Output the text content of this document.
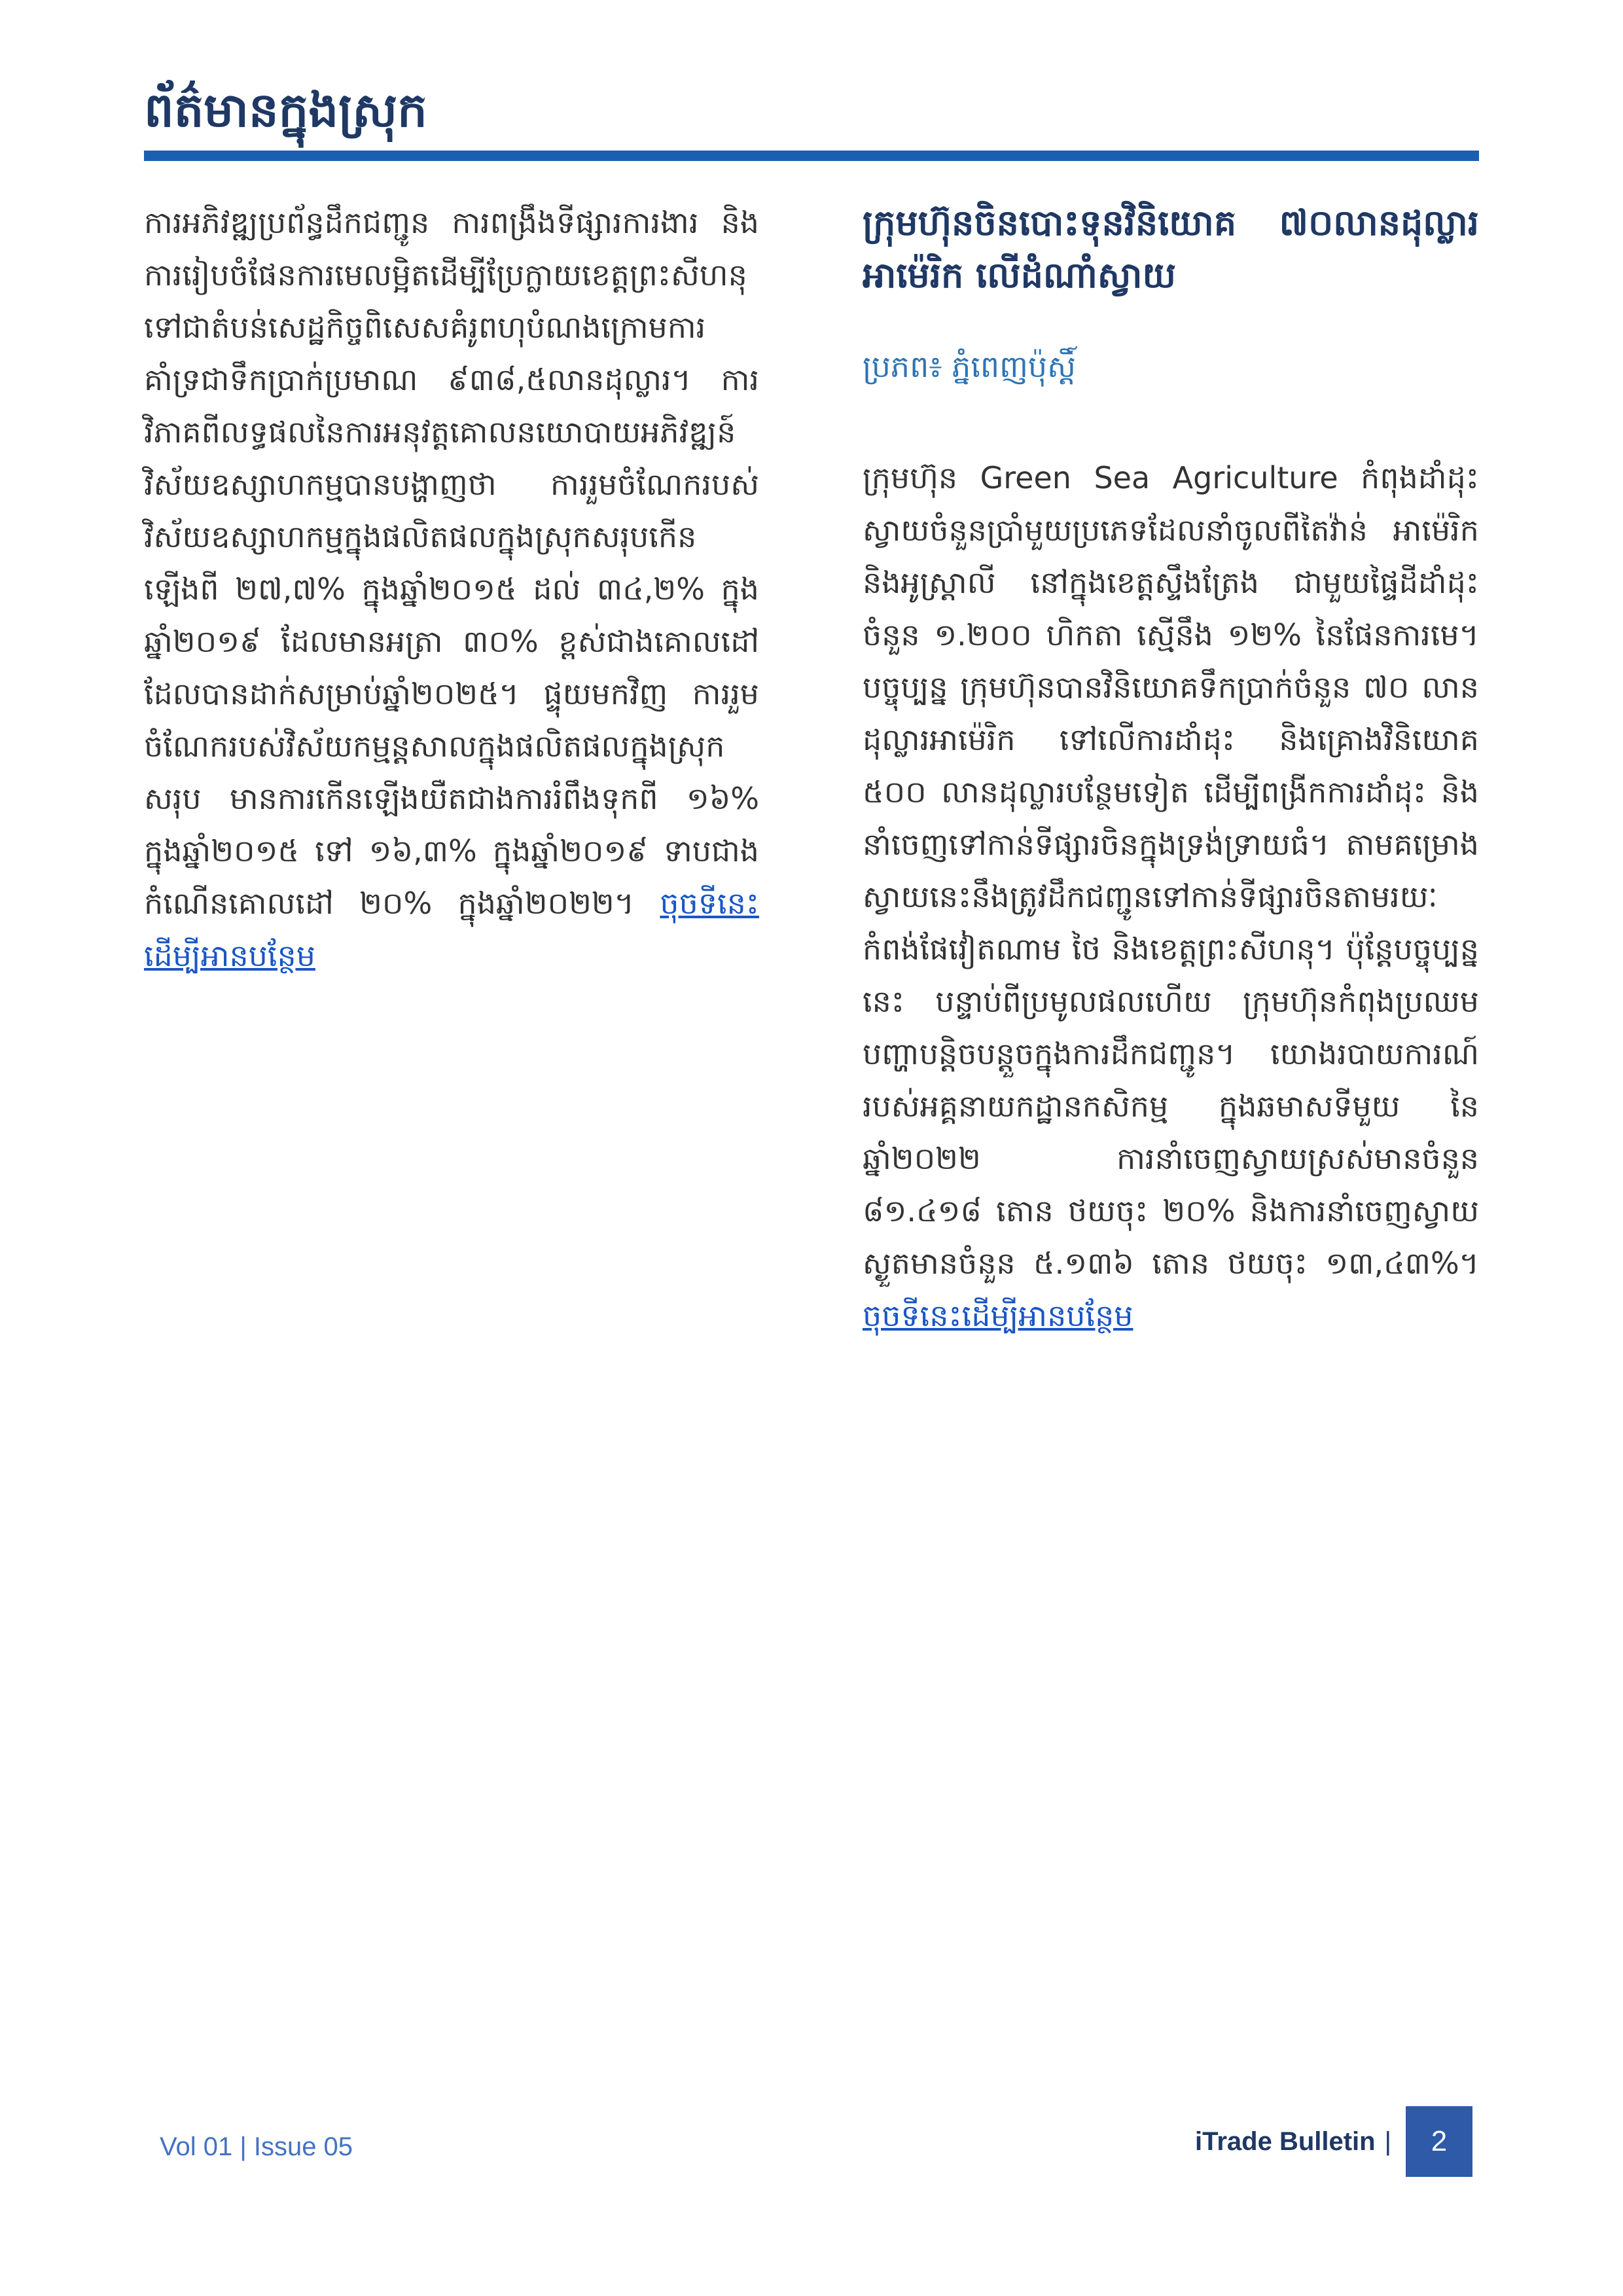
ព័ត៌មានក្នុងស្រុក

ការអភិវឌ្ឍប្រព័ន្ធដឹកជញ្ជូន ការពង្រឹងទីផ្សារការងារ និងការរៀបចំផែនការមេលម្អិតដើម្បីប្រែក្លាយខេត្តព្រះសីហនុទៅជាតំបន់សេដ្ឋកិច្ចពិសេសគំរូពហុបំណងក្រោមការគាំទ្រជាទឹកប្រាក់ប្រមាណ ៩៣៨,៥លានដុល្លារ។ ការវិភាគពីលទ្ធផលនៃការអនុវត្តគោលនយោបាយអភិវឌ្ឍន៍វិស័យឧស្សាហកម្មបានបង្ហាញថា ការរួមចំណែករបស់វិស័យឧស្សាហកម្មក្នុងផលិតផលក្នុងស្រុកសរុបកើនឡើងពី ២៧,៧% ក្នុងឆ្នាំ២០១៥ ដល់ ៣៤,២% ក្នុងឆ្នាំ២០១៩ ដែលមានអត្រា ៣០% ខ្ពស់ជាងគោលដៅដែលបានដាក់សម្រាប់ឆ្នាំ២០២៥។ ផ្ទុយមកវិញ ការរួមចំណែករបស់វិស័យកម្មន្តសាលក្នុងផលិតផលក្នុងស្រុកសរុប មានការកើនឡើងយឺតជាងការរំពឹងទុកពី ១៦% ក្នុងឆ្នាំ២០១៥ ទៅ ១៦,៣% ក្នុងឆ្នាំ២០១៩ ទាបជាងកំណើនគោលដៅ ២០% ក្នុងឆ្នាំ២០២២។ ចុចទីនេះដើម្បីអានបន្ថែម

ក្រុមហ៊ុនចិនបោះទុនវិនិយោគ ៧០លានដុល្លារអាម៉េរិក លើដំណាំស្វាយ

ប្រភព៖ ភ្នំពេញប៉ុស្តិ៍

ក្រុមហ៊ុន Green Sea Agriculture កំពុងដាំដុះស្វាយចំនួនប្រាំមួយប្រភេទដែលនាំចូលពីតៃវ៉ាន់ អាម៉េរិក និងអូស្ត្រាលី នៅក្នុងខេត្តស្ទឹងត្រែង ជាមួយផ្ទៃដីដាំដុះចំនួន ១.២០០ ហិកតា ស្មើនឹង ១២% នៃផែនការមេ។ បច្ចុប្បន្ន ក្រុមហ៊ុនបានវិនិយោគទឹកប្រាក់ចំនួន ៧០ លានដុល្លារអាម៉េរិក ទៅលើការដាំដុះ និងគ្រោងវិនិយោគ ៥០០ លានដុល្លារបន្ថែមទៀត ដើម្បីពង្រីកការដាំដុះ និងនាំចេញទៅកាន់ទីផ្សារចិនក្នុងទ្រង់ទ្រាយធំ។ តាមគម្រោង ស្វាយនេះនឹងត្រូវដឹកជញ្ជូនទៅកាន់ទីផ្សារចិនតាមរយៈកំពង់ផែវៀតណាម ថៃ និងខេត្តព្រះសីហនុ។ ប៉ុន្តែបច្ចុប្បន្ននេះ បន្ទាប់ពីប្រមូលផលហើយ ក្រុមហ៊ុនកំពុងប្រឈមបញ្ហាបន្តិចបន្តួចក្នុងការដឹកជញ្ជូន។ យោងរបាយការណ៍របស់អគ្គនាយកដ្ឋានកសិកម្ម ក្នុងឆមាសទីមួយ នៃឆ្នាំ២០២២ ការនាំចេញស្វាយស្រស់មានចំនួន ៨១.៤១៨ តោន ថយចុះ ២០% និងការនាំចេញស្វាយស្ងួតមានចំនួន ៥.១៣៦ តោន ថយចុះ ១៣,៤៣%។ ចុចទីនេះដើម្បីអានបន្ថែម

Vol 01 | Issue 05	iTrade Bulletin |	2
